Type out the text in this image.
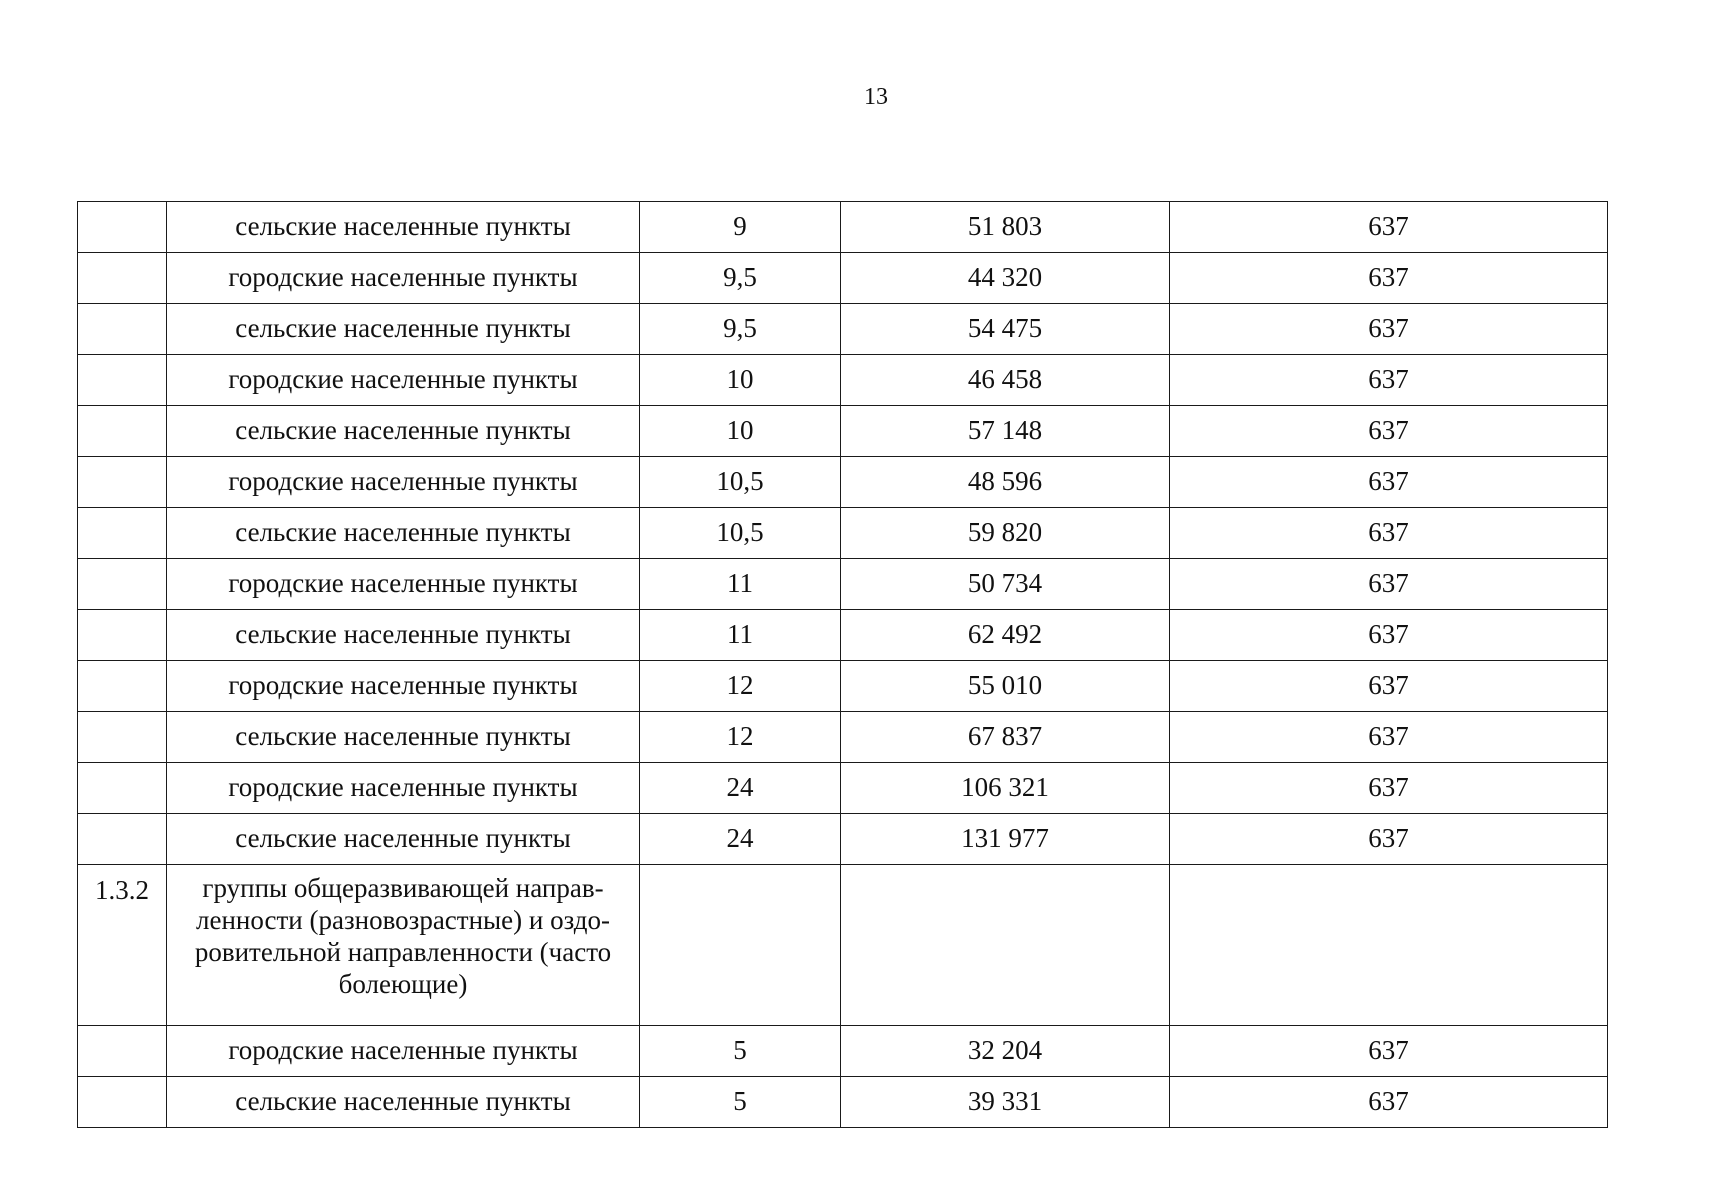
13
	сельские населенные пункты	9	51 803	637
	городские населенные пункты	9,5	44 320	637
	сельские населенные пункты	9,5	54 475	637
	городские населенные пункты	10	46 458	637
	сельские населенные пункты	10	57 148	637
	городские населенные пункты	10,5	48 596	637
	сельские населенные пункты	10,5	59 820	637
	городские населенные пункты	11	50 734	637
	сельские населенные пункты	11	62 492	637
	городские населенные пункты	12	55 010	637
	сельские населенные пункты	12	67 837	637
	городские населенные пункты	24	106 321	637
	сельские населенные пункты	24	131 977	637
1.3.2	группы общеразвивающей направ-ленности (разновозрастные) и оздо-ровительной направленности (часто болеющие)			
	городские населенные пункты	5	32 204	637
	сельские населенные пункты	5	39 331	637
